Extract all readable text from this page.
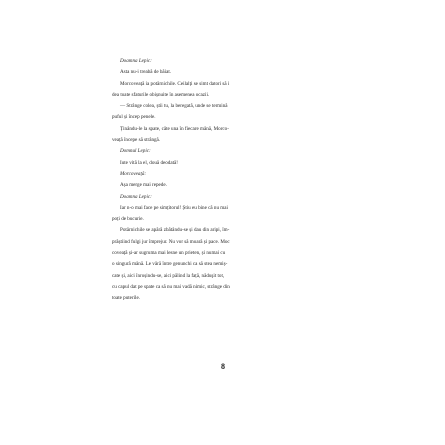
Doamna Lepic:
Asta nu-i treabă de băiat.
Morcoveață ia potârnichile. Ceilalți se simt datori să i
dea toate sfaturile obișnuite în asemenea ocazii.
— Strânge colea, știi tu, la beregată, unde se termină
puful și încep penele.
Ținându-le la spate, câte una în fiecare mână, Morco-
veață începe să strângă.
Domnul Lepic:
Iute vită la el, două deodată!
Morcoveață:
Așa merge mai repede.
Doamna Lepic:
Iar n-o mai face pe simțitorul! Știu eu bine că nu mai
poți de bucurie.
Potârnichile se apără zbătându-se și dau din aripi, îm-
prăștiind fulgi jur împrejur. Nu vor să moară și pace. Moc
coveață și-ar sugruma mai lesne un prieten, și numai cu
o singură mână. Le vâră între genunchi ca să stea nemiș-
cate și, aici înroșindu-se, aici pălind la față, năduşit tot,
cu capul dat pe spate ca să nu mai vadă nimic, strânge din
toate puterile.
8
